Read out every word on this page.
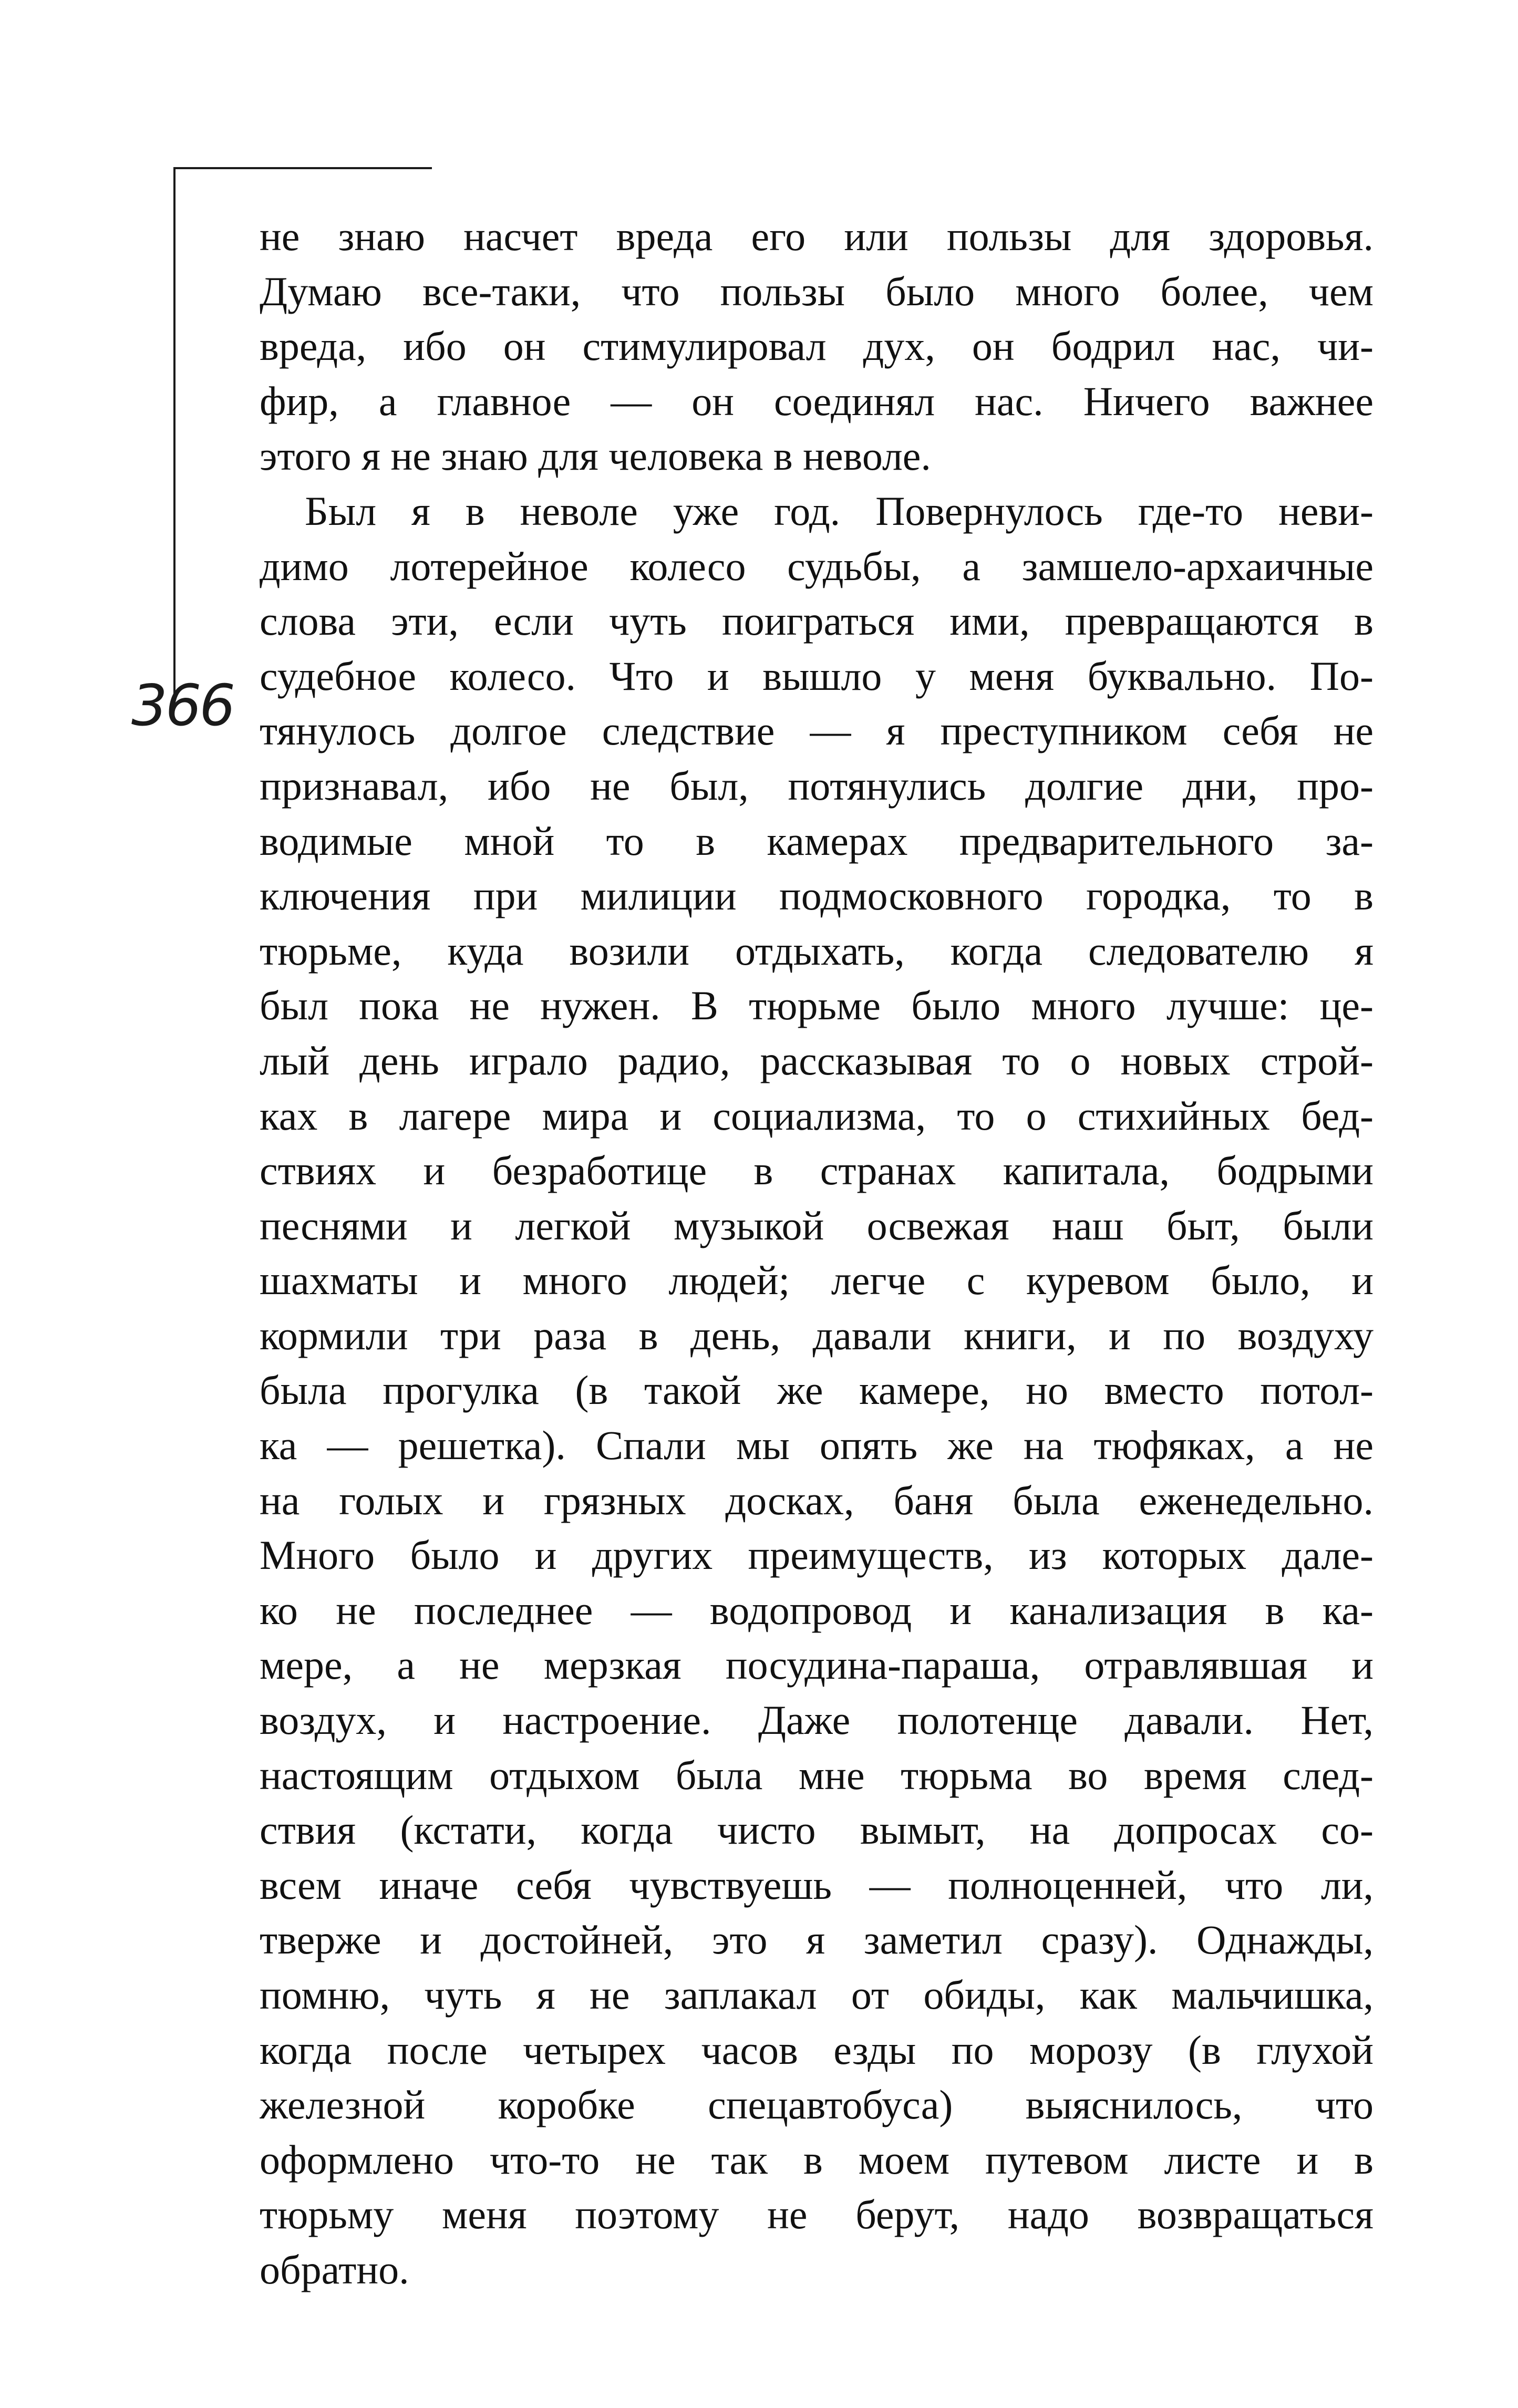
366
не знаю насчет вреда его или пользы для здоровья.
Думаю все-таки, что пользы было много более, чем
вреда, ибо он стимулировал дух, он бодрил нас, чи-
фир, а главное — он соединял нас. Ничего важнее
этого я не знаю для человека в неволе.
Был я в неволе уже год. Повернулось где-то неви-
димо лотерейное колесо судьбы, а замшело-архаичные
слова эти, если чуть поиграться ими, превращаются в
судебное колесо. Что и вышло у меня буквально. По-
тянулось долгое следствие — я преступником себя не
признавал, ибо не был, потянулись долгие дни, про-
водимые мной то в камерах предварительного за-
ключения при милиции подмосковного городка, то в
тюрьме, куда возили отдыхать, когда следователю я
был пока не нужен. В тюрьме было много лучше: це-
лый день играло радио, рассказывая то о новых строй-
ках в лагере мира и социализма, то о стихийных бед-
ствиях и безработице в странах капитала, бодрыми
песнями и легкой музыкой освежая наш быт, были
шахматы и много людей; легче с куревом было, и
кормили три раза в день, давали книги, и по воздуху
была прогулка (в такой же камере, но вместо потол-
ка — решетка). Спали мы опять же на тюфяках, а не
на голых и грязных досках, баня была еженедельно.
Много было и других преимуществ, из которых дале-
ко не последнее — водопровод и канализация в ка-
мере, а не мерзкая посудина-параша, отравлявшая и
воздух, и настроение. Даже полотенце давали. Нет,
настоящим отдыхом была мне тюрьма во время след-
ствия (кстати, когда чисто вымыт, на допросах со-
всем иначе себя чувствуешь — полноценней, что ли,
тверже и достойней, это я заметил сразу). Однажды,
помню, чуть я не заплакал от обиды, как мальчишка,
когда после четырех часов езды по морозу (в глухой
железной коробке спецавтобуса) выяснилось, что
оформлено что-то не так в моем путевом листе и в
тюрьму меня поэтому не берут, надо возвращаться
обратно.
